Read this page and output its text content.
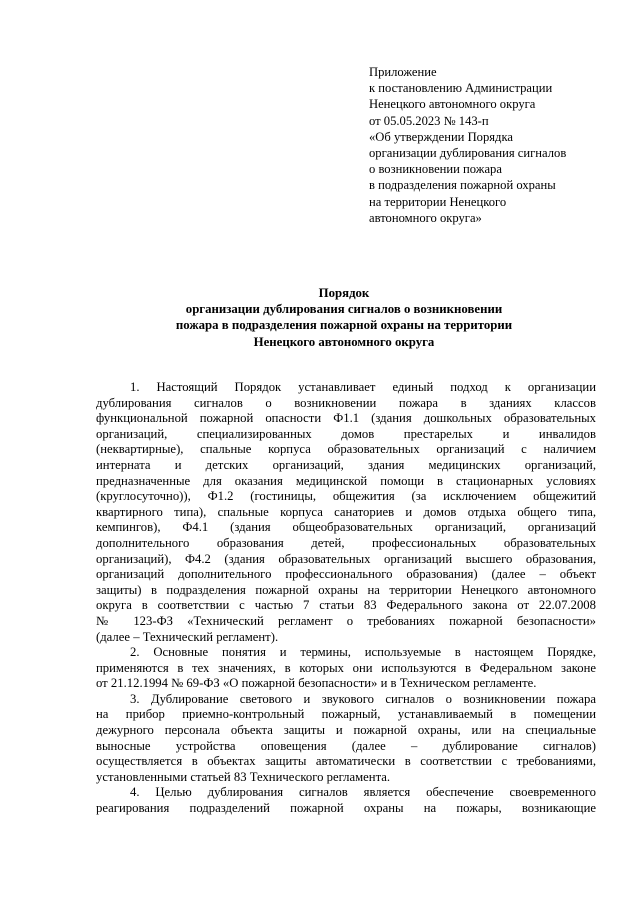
Приложение
к постановлению Администрации
Ненецкого автономного округа
от 05.05.2023 № 143-п
«Об утверждении Порядка
организации дублирования сигналов
о возникновении пожара
в подразделения пожарной охраны
на территории Ненецкого
автономного округа»
Порядок
организации дублирования сигналов о возникновении
пожара в подразделения пожарной охраны на территории
Ненецкого автономного округа
1. Настоящий Порядок устанавливает единый подход к организации
дублирования сигналов о возникновении пожара в зданиях классов
функциональной пожарной опасности Ф1.1 (здания дошкольных образовательных
организаций, специализированных домов престарелых и инвалидов
(неквартирные), спальные корпуса образовательных организаций с наличием
интерната и детских организаций, здания медицинских организаций,
предназначенные для оказания медицинской помощи в стационарных условиях
(круглосуточно)), Ф1.2 (гостиницы, общежития (за исключением общежитий
квартирного типа), спальные корпуса санаториев и домов отдыха общего типа,
кемпингов), Ф4.1 (здания общеобразовательных организаций, организаций
дополнительного образования детей, профессиональных образовательных
организаций), Ф4.2 (здания образовательных организаций высшего образования,
организаций дополнительного профессионального образования) (далее – объект
защиты) в подразделения пожарной охраны на территории Ненецкого автономного
округа в соответствии с частью 7 статьи 83 Федерального закона от 22.07.2008
№ 123-ФЗ «Технический регламент о требованиях пожарной безопасности»
(далее – Технический регламент).
2. Основные понятия и термины, используемые в настоящем Порядке,
применяются в тех значениях, в которых они используются в Федеральном законе
от 21.12.1994 № 69-ФЗ «О пожарной безопасности» и в Техническом регламенте.
3. Дублирование светового и звукового сигналов о возникновении пожара
на прибор приемно-контрольный пожарный, устанавливаемый в помещении
дежурного персонала объекта защиты и пожарной охраны, или на специальные
выносные устройства оповещения (далее – дублирование сигналов)
осуществляется в объектах защиты автоматически в соответствии с требованиями,
установленными статьей 83 Технического регламента.
4. Целью дублирования сигналов является обеспечение своевременного
реагирования подразделений пожарной охраны на пожары, возникающие
